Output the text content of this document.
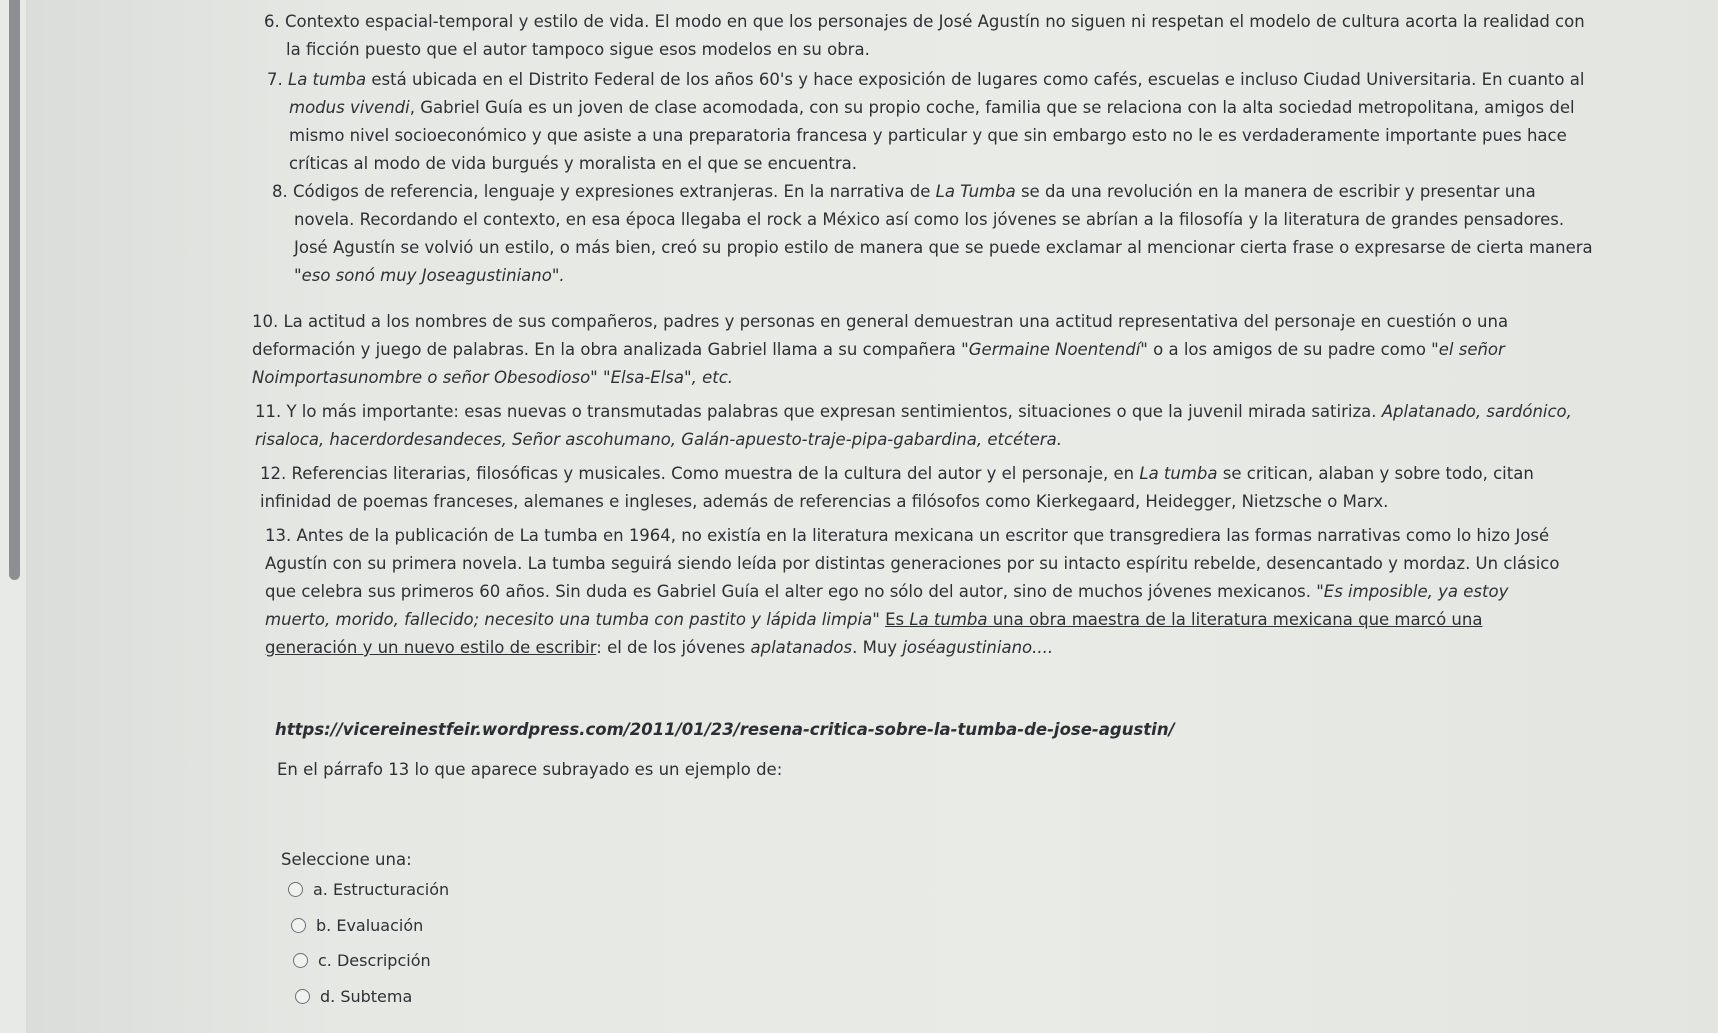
6. Contexto espacial-temporal y estilo de vida. El modo en que los personajes de José Agustín no siguen ni respetan el modelo de cultura acorta la realidad con la ficción puesto que el autor tampoco sigue esos modelos en su obra.
7. La tumba está ubicada en el Distrito Federal de los años 60's y hace exposición de lugares como cafés, escuelas e incluso Ciudad Universitaria. En cuanto al modus vivendi, Gabriel Guía es un joven de clase acomodada, con su propio coche, familia que se relaciona con la alta sociedad metropolitana, amigos del mismo nivel socioeconómico y que asiste a una preparatoria francesa y particular y que sin embargo esto no le es verdaderamente importante pues hace críticas al modo de vida burgués y moralista en el que se encuentra.
8. Códigos de referencia, lenguaje y expresiones extranjeras. En la narrativa de La Tumba se da una revolución en la manera de escribir y presentar una novela. Recordando el contexto, en esa época llegaba el rock a México así como los jóvenes se abrían a la filosofía y la literatura de grandes pensadores. José Agustín se volvió un estilo, o más bien, creó su propio estilo de manera que se puede exclamar al mencionar cierta frase o expresarse de cierta manera "eso sonó muy Joseagustiniano".
10. La actitud a los nombres de sus compañeros, padres y personas en general demuestran una actitud representativa del personaje en cuestión o una deformación y juego de palabras. En la obra analizada Gabriel llama a su compañera "Germaine Noentendí" o a los amigos de su padre como "el señor Noimportasunombre o señor Obesodioso" "Elsa-Elsa", etc.
11. Y lo más importante: esas nuevas o transmutadas palabras que expresan sentimientos, situaciones o que la juvenil mirada satiriza. Aplatanado, sardónico, risaloca, hacerdordesandeces, Señor ascohumano, Galán-apuesto-traje-pipa-gabardina, etcétera.
12. Referencias literarias, filosóficas y musicales. Como muestra de la cultura del autor y el personaje, en La tumba se critican, alaban y sobre todo, citan infinidad de poemas franceses, alemanes e ingleses, además de referencias a filósofos como Kierkegaard, Heidegger, Nietzsche o Marx.
13. Antes de la publicación de La tumba en 1964, no existía en la literatura mexicana un escritor que transgrediera las formas narrativas como lo hizo José Agustín con su primera novela. La tumba seguirá siendo leída por distintas generaciones por su intacto espíritu rebelde, desencantado y mordaz. Un clásico que celebra sus primeros 60 años. Sin duda es Gabriel Guía el alter ego no sólo del autor, sino de muchos jóvenes mexicanos. "Es imposible, ya estoy muerto, morido, fallecido; necesito una tumba con pastito y lápida limpia" Es La tumba una obra maestra de la literatura mexicana que marcó una generación y un nuevo estilo de escribir: el de los jóvenes aplatanados. Muy joséagustiniano....
https://vicereinestfeir.wordpress.com/2011/01/23/resena-critica-sobre-la-tumba-de-jose-agustin/
En el párrafo 13 lo que aparece subrayado es un ejemplo de:
Seleccione una:
a. Estructuración
b. Evaluación
c. Descripción
d. Subtema
